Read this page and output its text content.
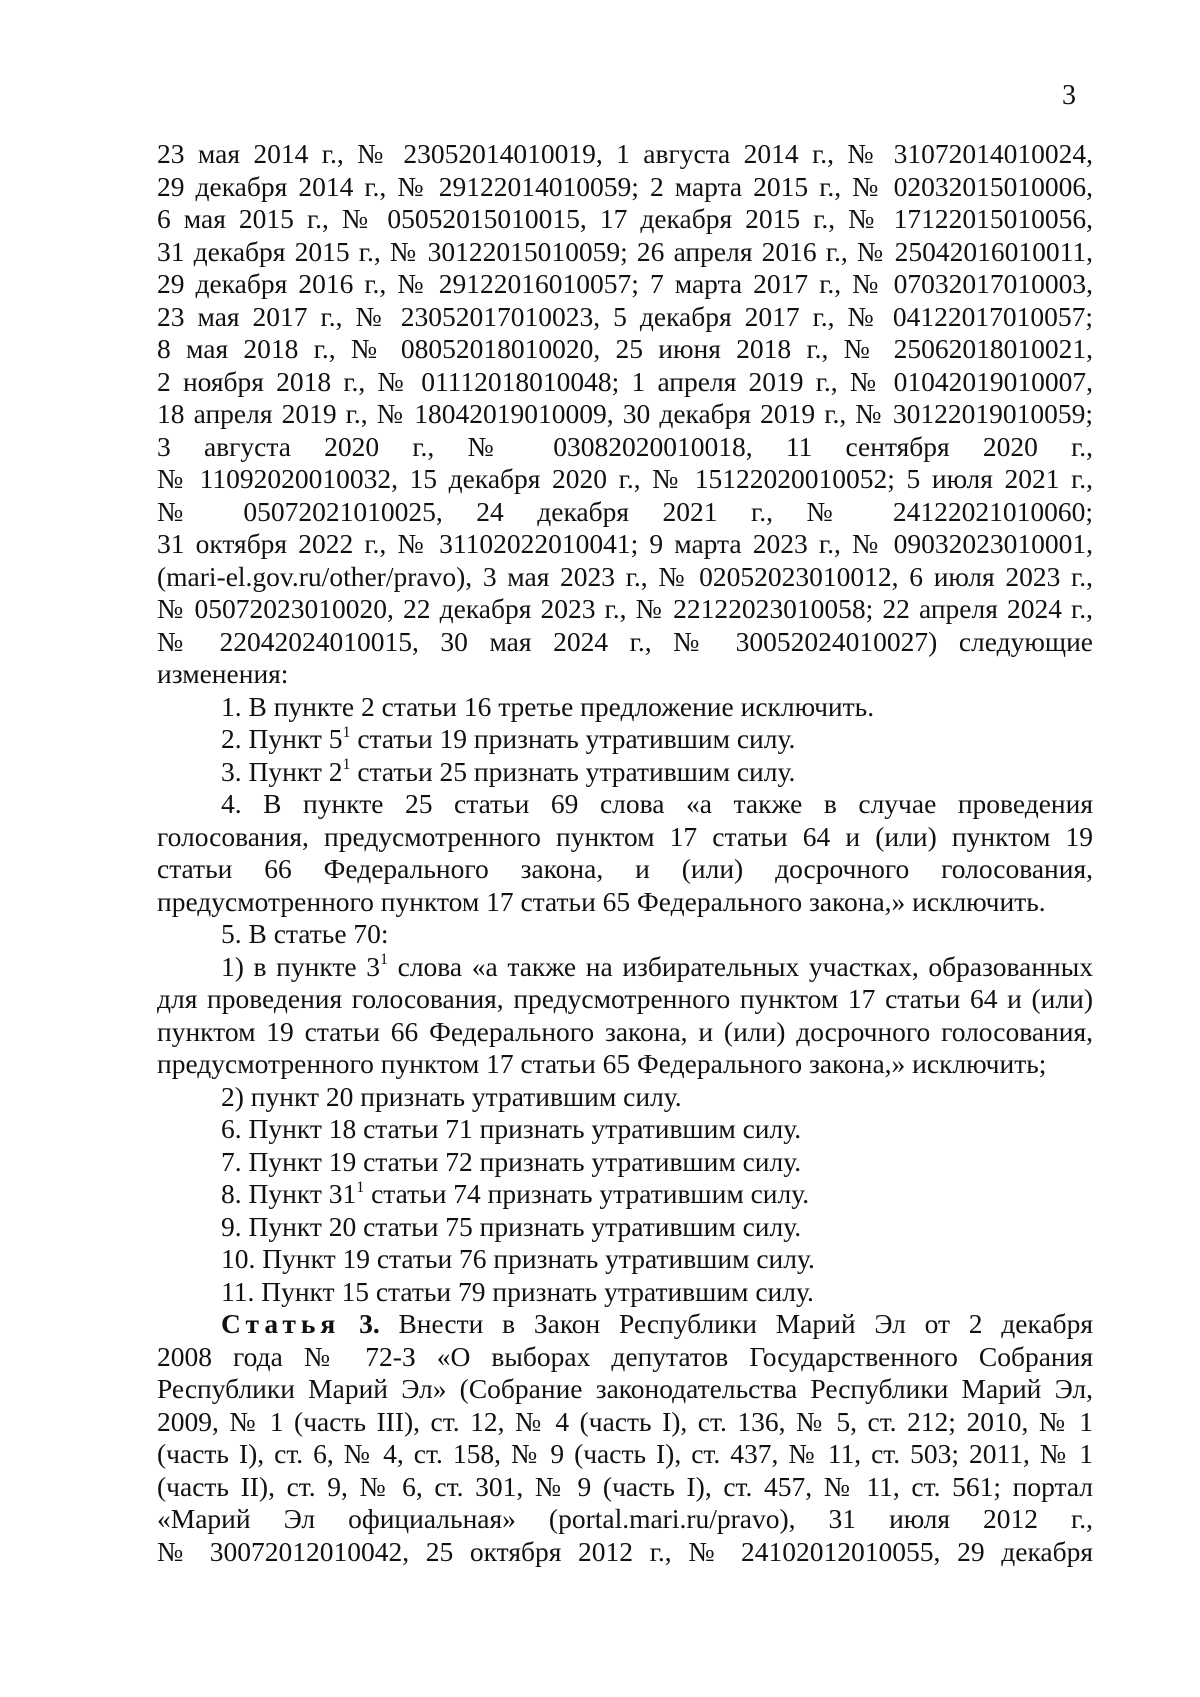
3
23 мая 2014 г., № 23052014010019, 1 августа 2014 г., № 31072014010024,
29 декабря 2014 г., № 29122014010059; 2 марта 2015 г., № 02032015010006,
6 мая 2015 г., № 05052015010015, 17 декабря 2015 г., № 17122015010056,
31 декабря 2015 г., № 30122015010059; 26 апреля 2016 г., № 25042016010011,
29 декабря 2016 г., № 29122016010057; 7 марта 2017 г., № 07032017010003,
23 мая 2017 г., № 23052017010023, 5 декабря 2017 г., № 04122017010057;
8 мая 2018 г., № 08052018010020, 25 июня 2018 г., № 25062018010021,
2 ноября 2018 г., № 01112018010048; 1 апреля 2019 г., № 01042019010007,
18 апреля 2019 г., № 18042019010009, 30 декабря 2019 г., № 30122019010059;
3 августа 2020 г., № 03082020010018, 11 сентября 2020 г.,
№ 11092020010032, 15 декабря 2020 г., № 15122020010052; 5 июля 2021 г.,
№ 05072021010025, 24 декабря 2021 г., № 24122021010060;
31 октября 2022 г., № 31102022010041; 9 марта 2023 г., № 09032023010001,
(mari-el.gov.ru/other/pravo), 3 мая 2023 г., № 02052023010012, 6 июля 2023 г.,
№ 05072023010020, 22 декабря 2023 г., № 22122023010058; 22 апреля 2024 г.,
№ 22042024010015, 30 мая 2024 г., № 30052024010027) следующие
изменения:
1. В пункте 2 статьи 16 третье предложение исключить.
2. Пункт $5^1$ статьи 19 признать утратившим силу.
3. Пункт $2^1$ статьи 25 признать утратившим силу.
4. В пункте 25 статьи 69 слова «а также в случае проведения
голосования, предусмотренного пунктом 17 статьи 64 и (или) пунктом 19
статьи 66 Федерального закона, и (или) досрочного голосования,
предусмотренного пунктом 17 статьи 65 Федерального закона,» исключить.
5. В статье 70:
1) в пункте $3^1$ слова «а также на избирательных участках, образованных
для проведения голосования, предусмотренного пунктом 17 статьи 64 и (или)
пунктом 19 статьи 66 Федерального закона, и (или) досрочного голосования,
предусмотренного пунктом 17 статьи 65 Федерального закона,» исключить;
2) пункт 20 признать утратившим силу.
6. Пункт 18 статьи 71 признать утратившим силу.
7. Пункт 19 статьи 72 признать утратившим силу.
8. Пункт $31^1$ статьи 74 признать утратившим силу.
9. Пункт 20 статьи 75 признать утратившим силу.
10. Пункт 19 статьи 76 признать утратившим силу.
11. Пункт 15 статьи 79 признать утратившим силу.
Статья 3. Внести в Закон Республики Марий Эл от 2 декабря
2008 года № 72-З «О выборах депутатов Государственного Собрания
Республики Марий Эл» (Собрание законодательства Республики Марий Эл,
2009, № 1 (часть III), ст. 12, № 4 (часть I), ст. 136, № 5, ст. 212; 2010, № 1
(часть I), ст. 6, № 4, ст. 158, № 9 (часть I), ст. 437, № 11, ст. 503; 2011, № 1
(часть II), ст. 9, № 6, ст. 301, № 9 (часть I), ст. 457, № 11, ст. 561; портал
«Марий Эл официальная» (portal.mari.ru/pravo), 31 июля 2012 г.,
№ 30072012010042, 25 октября 2012 г., № 24102012010055, 29 декабря
